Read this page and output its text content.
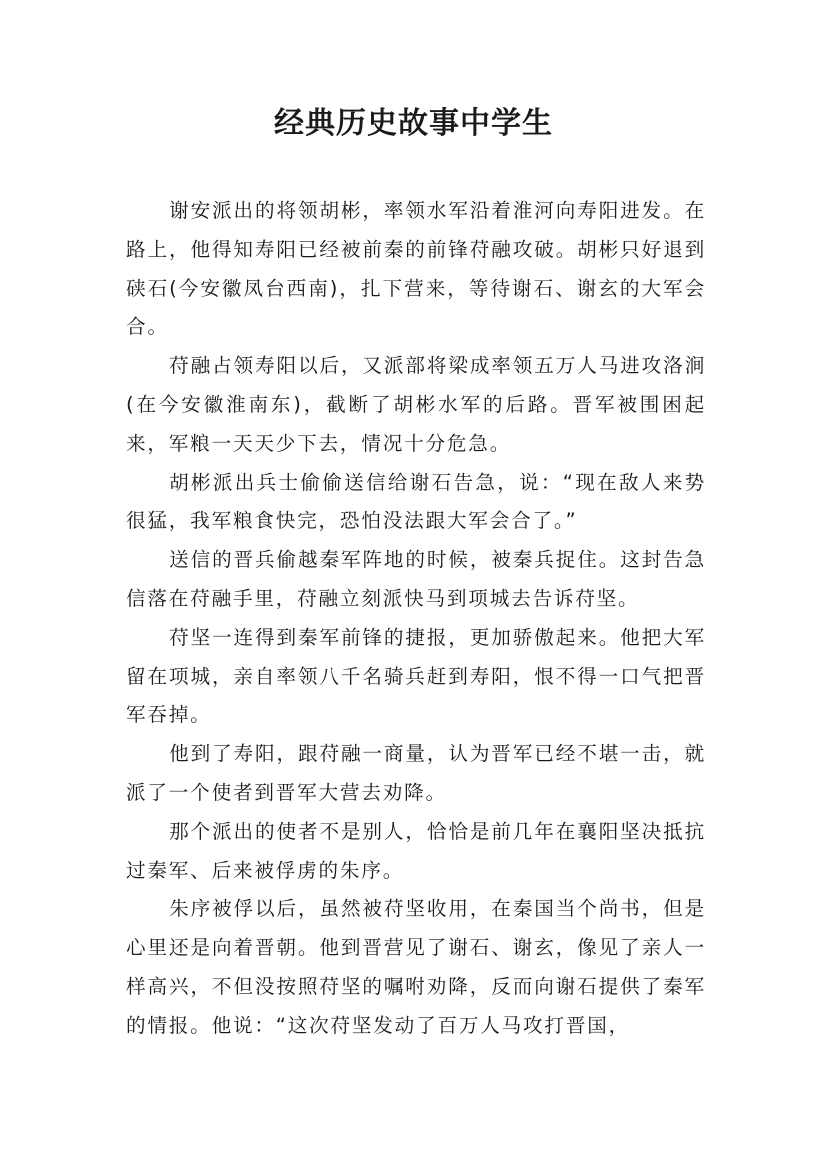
经典历史故事中学生

谢安派出的将领胡彬，率领水军沿着淮河向寿阳进发。在路上，他得知寿阳已经被前秦的前锋苻融攻破。胡彬只好退到硖石(今安徽凤台西南)，扎下营来，等待谢石、谢玄的大军会合。

苻融占领寿阳以后，又派部将梁成率领五万人马进攻洛涧(在今安徽淮南东)，截断了胡彬水军的后路。晋军被围困起来，军粮一天天少下去，情况十分危急。

胡彬派出兵士偷偷送信给谢石告急，说：“现在敌人来势很猛，我军粮食快完，恐怕没法跟大军会合了。”

送信的晋兵偷越秦军阵地的时候，被秦兵捉住。这封告急信落在苻融手里，苻融立刻派快马到项城去告诉苻坚。

苻坚一连得到秦军前锋的捷报，更加骄傲起来。他把大军留在项城，亲自率领八千名骑兵赶到寿阳，恨不得一口气把晋军吞掉。

他到了寿阳，跟苻融一商量，认为晋军已经不堪一击，就派了一个使者到晋军大营去劝降。

那个派出的使者不是别人，恰恰是前几年在襄阳坚决抵抗过秦军、后来被俘虏的朱序。

朱序被俘以后，虽然被苻坚收用，在秦国当个尚书，但是心里还是向着晋朝。他到晋营见了谢石、谢玄，像见了亲人一样高兴，不但没按照苻坚的嘱咐劝降，反而向谢石提供了秦军的情报。他说：“这次苻坚发动了百万人马攻打晋国，
